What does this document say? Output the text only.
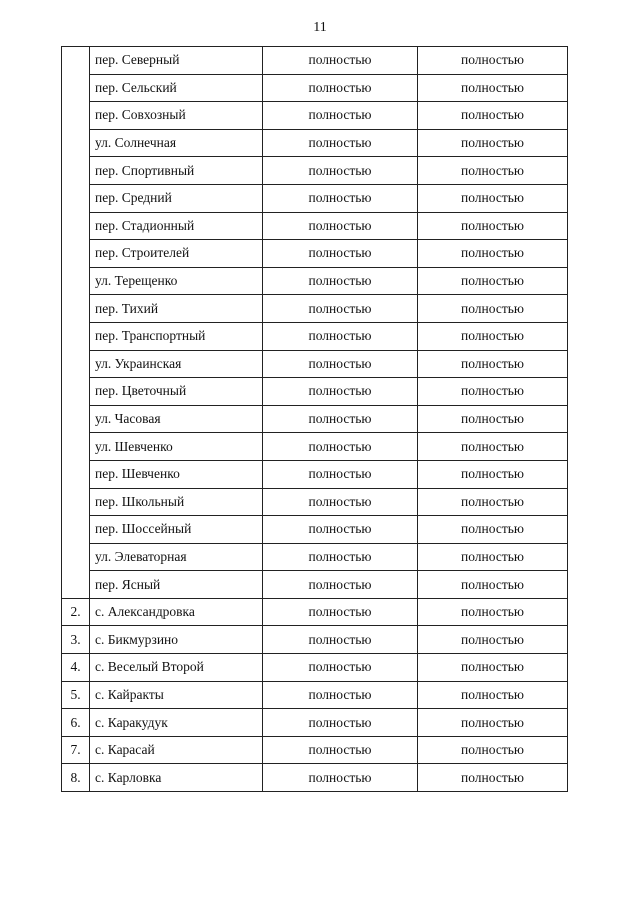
11
	пер. Северный	полностью	полностью
	пер. Сельский	полностью	полностью
	пер. Совхозный	полностью	полностью
	ул. Солнечная	полностью	полностью
	пер. Спортивный	полностью	полностью
	пер. Средний	полностью	полностью
	пер. Стадионный	полностью	полностью
	пер. Строителей	полностью	полностью
	ул. Терещенко	полностью	полностью
	пер. Тихий	полностью	полностью
	пер. Транспортный	полностью	полностью
	ул. Украинская	полностью	полностью
	пер. Цветочный	полностью	полностью
	ул. Часовая	полностью	полностью
	ул. Шевченко	полностью	полностью
	пер. Шевченко	полностью	полностью
	пер. Школьный	полностью	полностью
	пер. Шоссейный	полностью	полностью
	ул. Элеваторная	полностью	полностью
	пер. Ясный	полностью	полностью
2.	с. Александровка	полностью	полностью
3.	с. Бикмурзино	полностью	полностью
4.	с. Веселый Второй	полностью	полностью
5.	с. Кайракты	полностью	полностью
6.	с. Каракудук	полностью	полностью
7.	с. Карасай	полностью	полностью
8.	с. Карловка	полностью	полностью
